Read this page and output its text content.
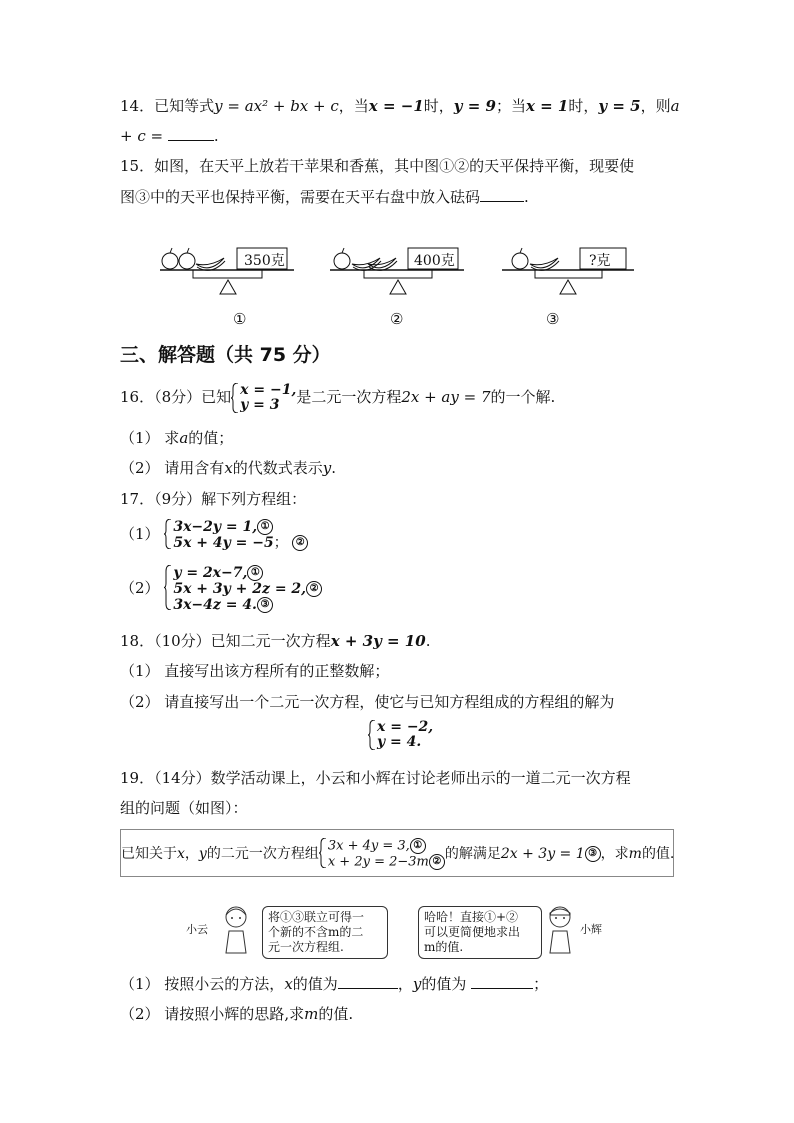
14．已知等式y = ax² + bx + c，当x = −1时，y = 9；当x = 1时，y = 5，则a
+ c =	.
15．如图，在天平上放若干苹果和香蕉，其中图①②的天平保持平衡，现要使
图③中的天平也保持平衡，需要在天平右盘中放入砝码	.
350克	400克	?克
①	②	③
三、解答题（共 75 分）
16．（8分）已知 x = −1,
y = 3 是二元一次方程2x + ay = 7的一个解.
（1） 求a的值；
（2） 请用含有x的代数式表示y.
17．（9分）解下列方程组：
（1） 3x−2y = 1, ①
5x + 4y = −5； ②
（2）
y = 2x−7, ①
5x + 3y + 2z = 2, ②
3x−4z = 4. ③
18．（10分）已知二元一次方程x + 3y = 10.
（1） 直接写出该方程所有的正整数解；
（2） 请直接写出一个二元一次方程，使它与已知方程组成的方程组的解为
x = −2,
y = 4.
19．（14分）数学活动课上，小云和小辉在讨论老师出示的一道二元一次方程
组的问题（如图）：
已知关于x，y的二元一次方程组 3x + 4y = 3, ①
x + 2y = 2−3m ② 的解满足2x + 3y = 1 ③ ，求m的值.
小云
将①③联立可得一
个新的不含m的二
元一次方程组.
哈哈！直接①+②
可以更简便地求出
m的值.
小辉
（1） 按照小云的方法，x的值为	，y的值为	；
（2） 请按照小辉的思路,求m的值.
